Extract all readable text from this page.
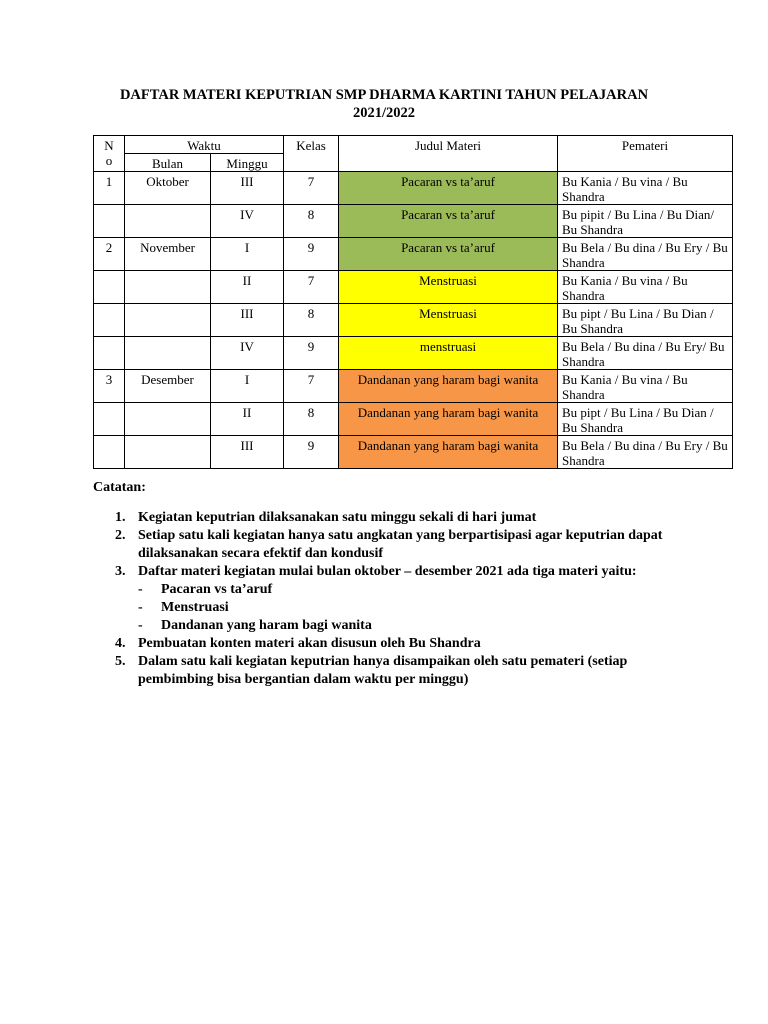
DAFTAR MATERI KEPUTRIAN SMP DHARMA KARTINI TAHUN PELAJARAN
2021/2022
N o	Waktu		Kelas	Judul Materi	Pemateri
	Bulan	Minggu			
1	Oktober	III	7	Pacaran vs ta’aruf	Bu Kania / Bu vina / Bu Shandra
		IV	8	Pacaran vs ta’aruf	Bu pipit / Bu Lina / Bu Dian/ Bu Shandra
2	November	I	9	Pacaran vs ta’aruf	Bu Bela / Bu dina / Bu Ery / Bu Shandra
		II	7	Menstruasi	Bu Kania / Bu vina / Bu Shandra
		III	8	Menstruasi	Bu pipt / Bu Lina / Bu Dian / Bu Shandra
		IV	9	menstruasi	Bu Bela / Bu dina / Bu Ery/ Bu Shandra
3	Desember	I	7	Dandanan yang haram bagi wanita	Bu Kania / Bu vina / Bu Shandra
		II	8	Dandanan yang haram bagi wanita	Bu pipt / Bu Lina / Bu Dian / Bu Shandra
		III	9	Dandanan yang haram bagi wanita	Bu Bela / Bu dina / Bu Ery / Bu Shandra
Catatan:
1. Kegiatan keputrian dilaksanakan satu minggu sekali di hari jumat
2. Setiap satu kali kegiatan hanya satu angkatan yang berpartisipasi agar keputrian dapat dilaksanakan secara efektif dan kondusif
3. Daftar materi kegiatan mulai bulan oktober – desember 2021 ada tiga materi yaitu:
- Pacaran vs ta’aruf
- Menstruasi
- Dandanan yang haram bagi wanita
4. Pembuatan konten materi akan disusun oleh Bu Shandra
5. Dalam satu kali kegiatan keputrian hanya disampaikan oleh satu pemateri (setiap pembimbing bisa bergantian dalam waktu per minggu)
